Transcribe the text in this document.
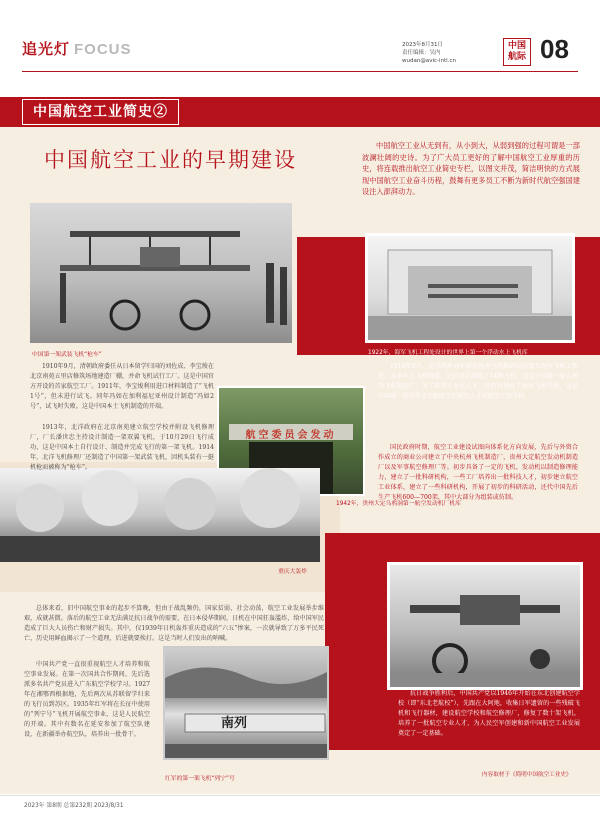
追光灯 FOCUS	2023年8月31日
责任编辑：吴内
wudan@avic-intl.cn
中国
航际 08
中国航空工业简史②
中国航空工业的早期建设
中国航空工业从无到有，从小到大，从弱到强的过程可谓是一部波澜壮阔的史诗。为了广大员工更好的了解中国航空工业厚重的历史，将连载推出航空工业简史专栏，以图文并茂，简洁明快的方式展现中国航空工业奋斗历程，鼓舞有更多员工不断为新时代航空强国建设注入澎湃动力。
中国第一架武装飞机“枪车”	1922年，海军飞机工程处设计的世界上第一个浮动水上飞机库
航空委员会发动
1942年，贵州大定乌鸦洞第一航空发动机厂机库
重庆大轰炸
南列
红军的第一架飞机“列宁”号
1910年9月，清朝政府委任从日本留学归国的刘佐成、李宝焌在北京南苑五里店修筑场地建造厂棚，并命飞机试行工厂。这是中国官方开设的首家航空工厂。1911年，李宝焌利用进口材料制造了“飞机1号”，但未进行试飞。同年冯如在加利福尼亚州设计制造“冯如2号”，试飞时失败。这是中国本土飞机制造的开端。
1913年，北洋政府在北京南苑建立航空学校并附设飞机修理厂，厂长潘世忠主持设计制造一架双翼飞机，于10月29日飞行成功，这是中国本土自行设计、制造并完成飞行的第一架飞机。1914年，北洋飞机修理厂还制造了中国第一架武装飞机，因机头装有一挺机枪而被称为“枪车”。
1918年2月，北洋政府海军部在福州马尾船政局内设立海军飞机工程处，从事水上飞机制造，先后设计制造了14种飞机，这是中国第一家正规的飞机制造厂。为了培养专业化人才，还同时创办了海军飞潜学校，这是中国第一所培养关专程度学历航空人才的航空工程学校。
国民政府时期，航空工业建设试图向体系化方向发展，先后与外资合作成立的商业公司建立了中央杭州飞机制造厂，贵州大定航空发动机制造厂以及军事航空修理厂等。初步具备了一定的飞机、发动机以制造修理能力，建立了一批科研机构，一些工厂培养出一批科技人才，初步建立航空工业体系，建立了一些科研机构，开展了初步的科研活动，还代中国先后生产飞机600—700架，其中大部分为组装或仿制。
总体来看，旧中国航空事业的起步不算晚，但由于战乱频仍，国家贫弱，社会动荡，航空工业发展举步维艰，成就甚微。落后的航空工业无法满足抗日战争的需要，在日本侵华期间，日机在中国狂轰滥炸，给中国军民造成了巨大人员伤亡和财产损失。其中，仅1939年日机轰炸重庆造成的“六五”惨案，一次就导致了万多平民死亡，历史用鲜血揭示了一个道理，后进就要挨打。这是当时人们发出的呐喊。
中国共产党一直很重视航空人才培养和航空事业发展。在第一次国共合作期间，先后选派多名共产党员进入广东航空学校学习。1927年在湘鄂西根据地，先后两次从苏联留学归来的飞行员到苏区。1935年红军将在长征中使用的“列宁号”飞机开展航空事业，这是人民航空的开端。其中有数名在延安参加了航空队建设，在新疆举办航空队，培养出一批骨干。
抗日战争胜利后，中国共产党以1946年开始在东北创建航空学校（即“东北老航校”），先跟在大阿地，收集日军遗留的一些残破飞机和飞行器材，建设航空学校和航空修理厂，修复了数十架飞机，培养了一批航空专业人才，为人民空军创建和新中国航空工业发展奠定了一定基础。
内容取材于《简明中国航空工业史》
2023年 第8期 总第232期 2023/8/31
